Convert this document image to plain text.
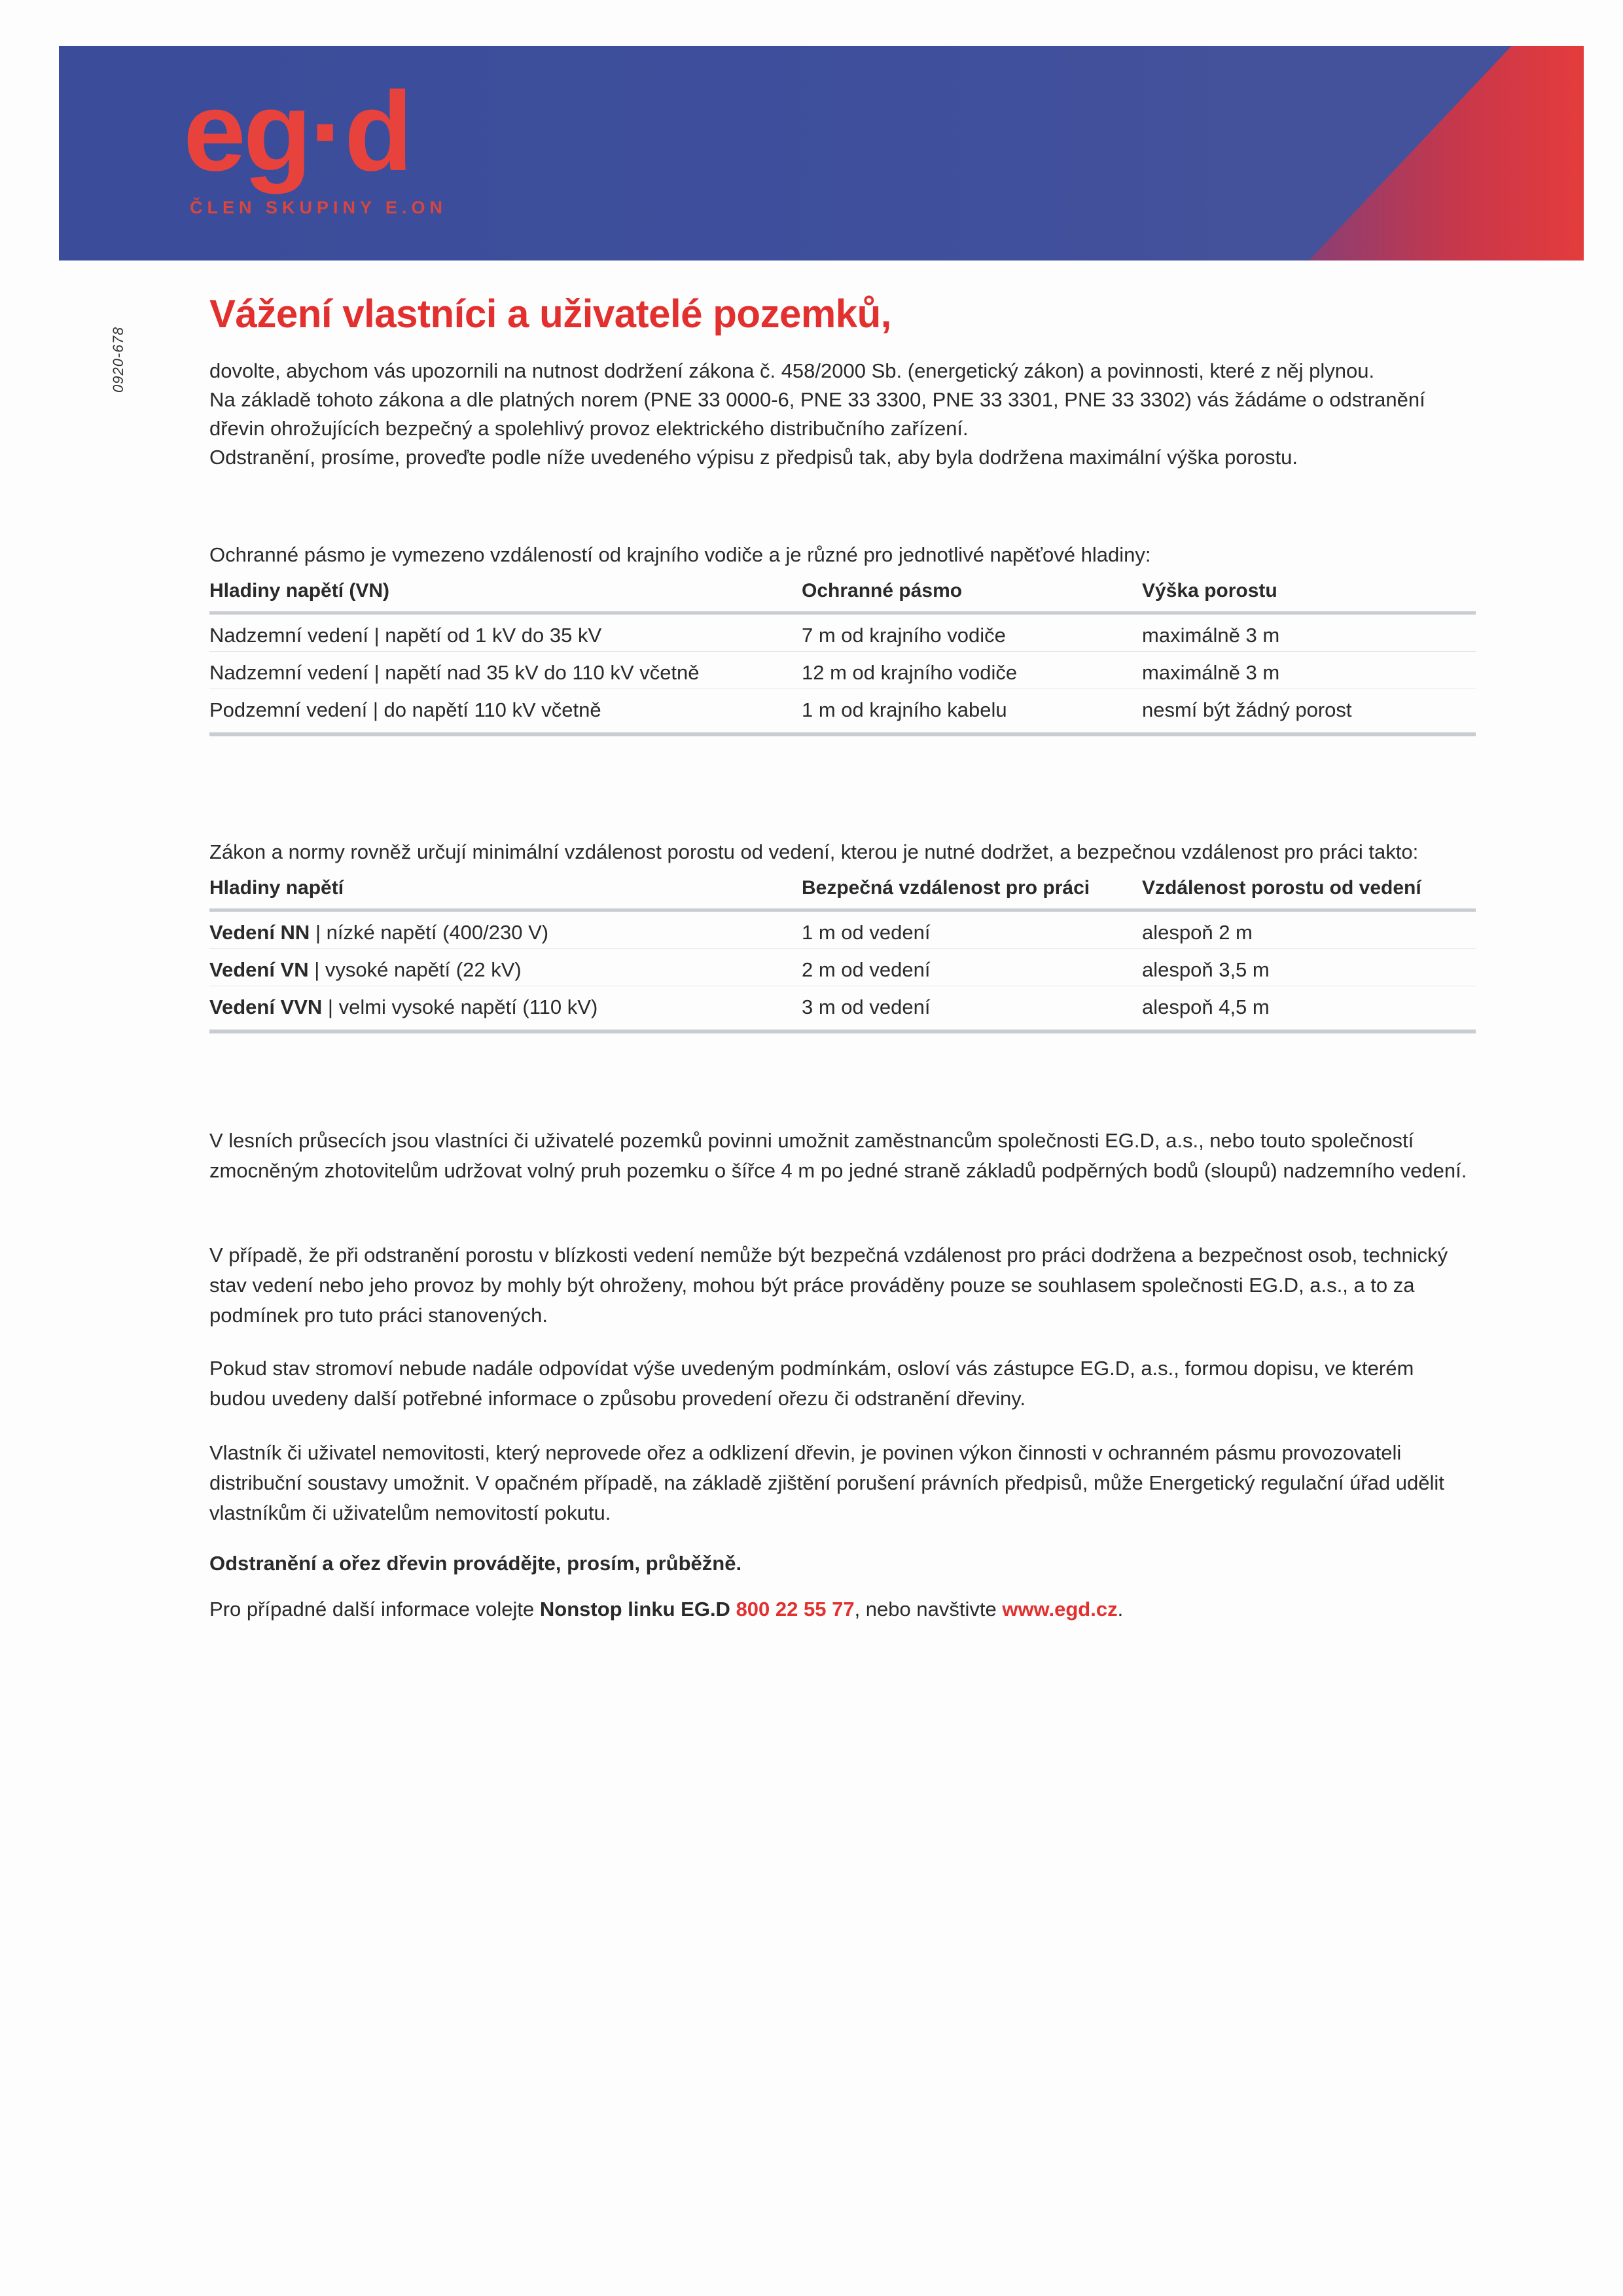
eg·d
ČLEN SKUPINY E.ON
0920-678
Vážení vlastníci a uživatelé pozemků,

dovolte, abychom vás upozornili na nutnost dodržení zákona č. 458/2000 Sb. (energetický zákon) a povinnosti, které z něj plynou.

Na základě tohoto zákona a dle platných norem (PNE 33 0000-6, PNE 33 3300, PNE 33 3301, PNE 33 3302) vás žádáme o odstranění

dřevin ohrožujících bezpečný a spolehlivý provoz elektrického distribučního zařízení.

Odstranění, prosíme, proveďte podle níže uvedeného výpisu z předpisů tak, aby byla dodržena maximální výška porostu.

Ochranné pásmo je vymezeno vzdáleností od krajního vodiče a je různé pro jednotlivé napěťové hladiny:

Hladiny napětí (VN)	Ochranné pásmo	Výška porostu
Nadzemní vedení | napětí od 1 kV do 35 kV	7 m od krajního vodiče	maximálně 3 m
Nadzemní vedení | napětí nad 35 kV do 110 kV včetně	12 m od krajního vodiče	maximálně 3 m
Podzemní vedení | do napětí 110 kV včetně	1 m od krajního kabelu	nesmí být žádný porost

Zákon a normy rovněž určují minimální vzdálenost porostu od vedení, kterou je nutné dodržet, a bezpečnou vzdálenost pro práci takto:

Hladiny napětí	Bezpečná vzdálenost pro práci	Vzdálenost porostu od vedení
Vedení NN | nízké napětí (400/230 V)	1 m od vedení	alespoň 2 m
Vedení VN | vysoké napětí (22 kV)	2 m od vedení	alespoň 3,5 m
Vedení VVN | velmi vysoké napětí (110 kV)	3 m od vedení	alespoň 4,5 m

V lesních průsecích jsou vlastníci či uživatelé pozemků povinni umožnit zaměstnancům společnosti EG.D, a.s., nebo touto společností zmocněným zhotovitelům udržovat volný pruh pozemku o šířce 4 m po jedné straně základů podpěrných bodů (sloupů) nadzemního vedení.

V případě, že při odstranění porostu v blízkosti vedení nemůže být bezpečná vzdálenost pro práci dodržena a bezpečnost osob, technický stav vedení nebo jeho provoz by mohly být ohroženy, mohou být práce prováděny pouze se souhlasem společnosti EG.D, a.s., a to za podmínek pro tuto práci stanovených.

Pokud stav stromoví nebude nadále odpovídat výše uvedeným podmínkám, osloví vás zástupce EG.D, a.s., formou dopisu, ve kterém budou uvedeny další potřebné informace o způsobu provedení ořezu či odstranění dřeviny.

Vlastník či uživatel nemovitosti, který neprovede ořez a odklizení dřevin, je povinen výkon činnosti v ochranném pásmu provozovateli distribuční soustavy umožnit. V opačném případě, na základě zjištění porušení právních předpisů, může Energetický regulační úřad udělit vlastníkům či uživatelům nemovitostí pokutu.

Odstranění a ořez dřevin provádějte, prosím, průběžně.

Pro případné další informace volejte Nonstop linku EG.D 800 22 55 77, nebo navštivte www.egd.cz.
